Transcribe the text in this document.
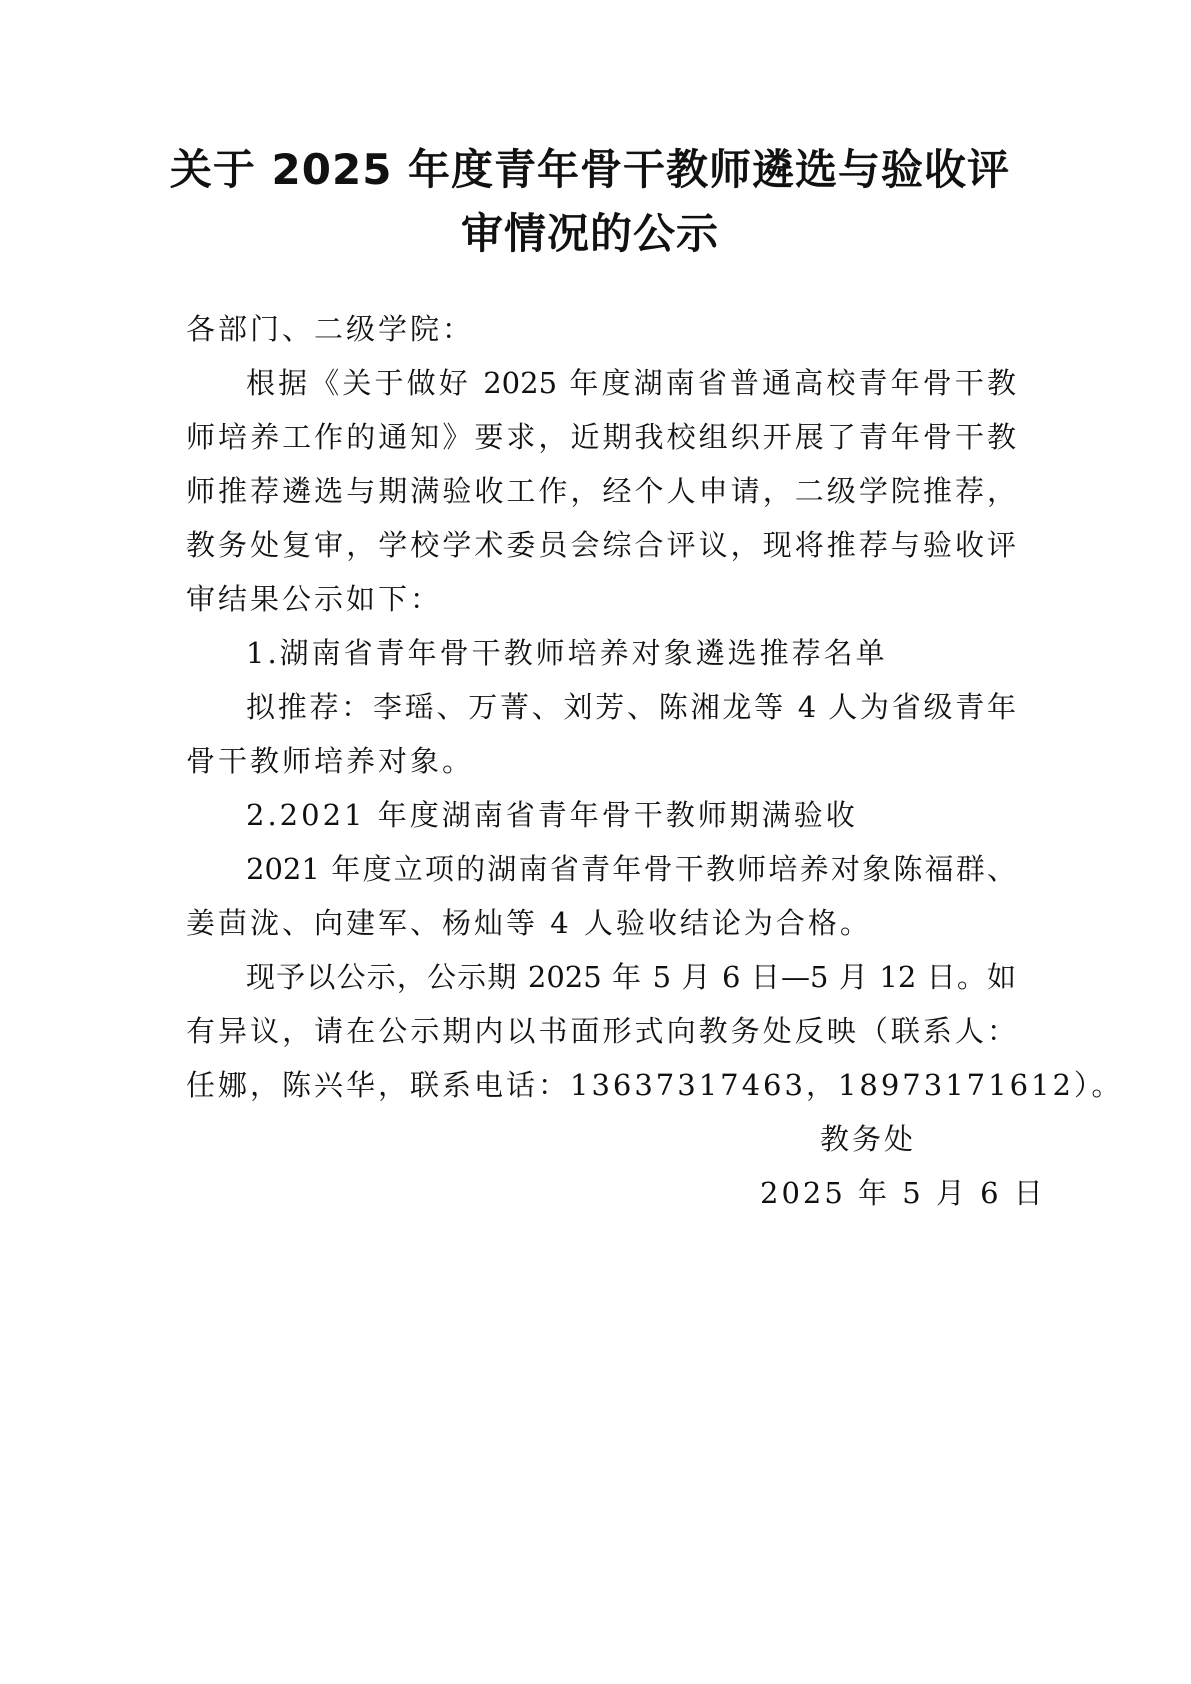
关于 2025 年度青年骨干教师遴选与验收评
审情况的公示
各部门、二级学院：
根据《关于做好 2025 年度湖南省普通高校青年骨干教
师培养工作的通知》要求，近期我校组织开展了青年骨干教
师推荐遴选与期满验收工作，经个人申请，二级学院推荐，
教务处复审，学校学术委员会综合评议，现将推荐与验收评
审结果公示如下：
1.湖南省青年骨干教师培养对象遴选推荐名单
拟推荐：李瑶、万菁、刘芳、陈湘龙等 4 人为省级青年
骨干教师培养对象。
2.2021 年度湖南省青年骨干教师期满验收
2021 年度立项的湖南省青年骨干教师培养对象陈福群、
姜茴泷、向建军、杨灿等 4 人验收结论为合格。
现予以公示，公示期 2025 年 5 月 6 日—5 月 12 日。如
有异议，请在公示期内以书面形式向教务处反映（联系人：
任娜，陈兴华，联系电话：13637317463，18973171612）。
教务处
2025 年 5 月 6 日
